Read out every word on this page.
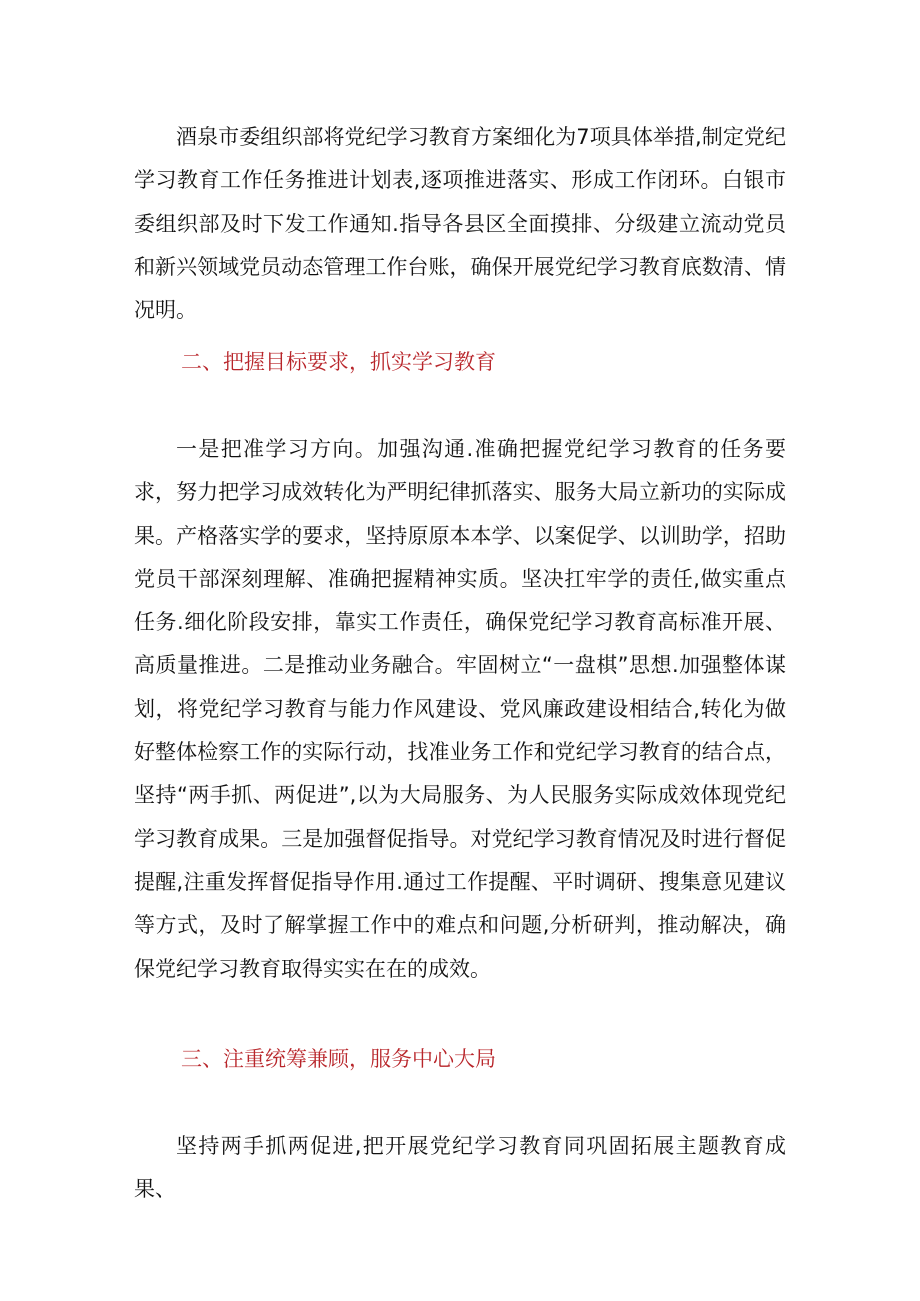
酒泉市委组织部将党纪学习教育方案细化为7项具体举措,制定党纪学习教育工作任务推进计划表,逐项推进落实、形成工作闭环。白银市委组织部及时下发工作通知.指导各县区全面摸排、分级建立流动党员和新兴领域党员动态管理工作台账，确保开展党纪学习教育底数清、情况明。

二、把握目标要求，抓实学习教育

一是把准学习方向。加强沟通.准确把握党纪学习教育的任务要求，努力把学习成效转化为严明纪律抓落实、服务大局立新功的实际成果。产格落实学的要求，坚持原原本本学、以案促学、以训助学，招助党员干部深刻理解、准确把握精神实质。坚决扛牢学的责任,做实重点任务.细化阶段安排，靠实工作责任，确保党纪学习教育高标准开展、高质量推进。二是推动业务融合。牢固树立“一盘棋”思想.加强整体谋划，将党纪学习教育与能力作风建设、党风廉政建设相结合,转化为做好整体检察工作的实际行动，找准业务工作和党纪学习教育的结合点，坚持“两手抓、两促进”,以为大局服务、为人民服务实际成效体现党纪学习教育成果。三是加强督促指导。对党纪学习教育情况及时进行督促提醒,注重发挥督促指导作用.通过工作提醒、平时调研、搜集意见建议等方式，及时了解掌握工作中的难点和问题,分析研判，推动解决，确保党纪学习教育取得实实在在的成效。

三、注重统筹兼顾，服务中心大局

坚持两手抓两促进,把开展党纪学习教育同巩固拓展主题教育成果、
